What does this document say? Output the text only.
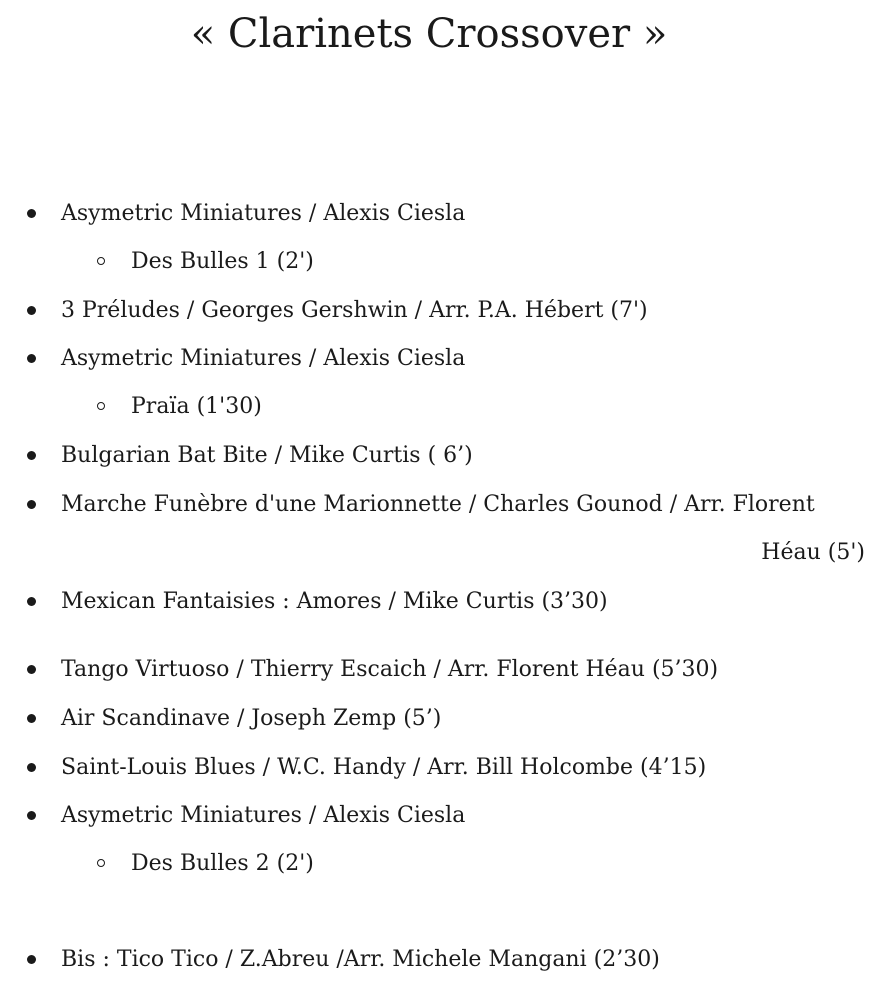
« Clarinets Crossover »
Asymetric Miniatures / Alexis Ciesla
Des Bulles 1 (2')
3 Préludes / Georges Gershwin / Arr. P.A. Hébert (7')
Asymetric Miniatures / Alexis Ciesla
Praïa (1'30)
Bulgarian Bat Bite / Mike Curtis ( 6’)
Marche Funèbre d'une Marionnette / Charles Gounod / Arr. Florent
Héau (5')
Mexican Fantaisies : Amores / Mike Curtis (3’30)
Tango Virtuoso / Thierry Escaich / Arr. Florent Héau (5’30)
Air Scandinave / Joseph Zemp (5’)
Saint-Louis Blues / W.C. Handy / Arr. Bill Holcombe (4’15)
Asymetric Miniatures / Alexis Ciesla
Des Bulles 2 (2')
Bis : Tico Tico / Z.Abreu /Arr. Michele Mangani (2’30)
